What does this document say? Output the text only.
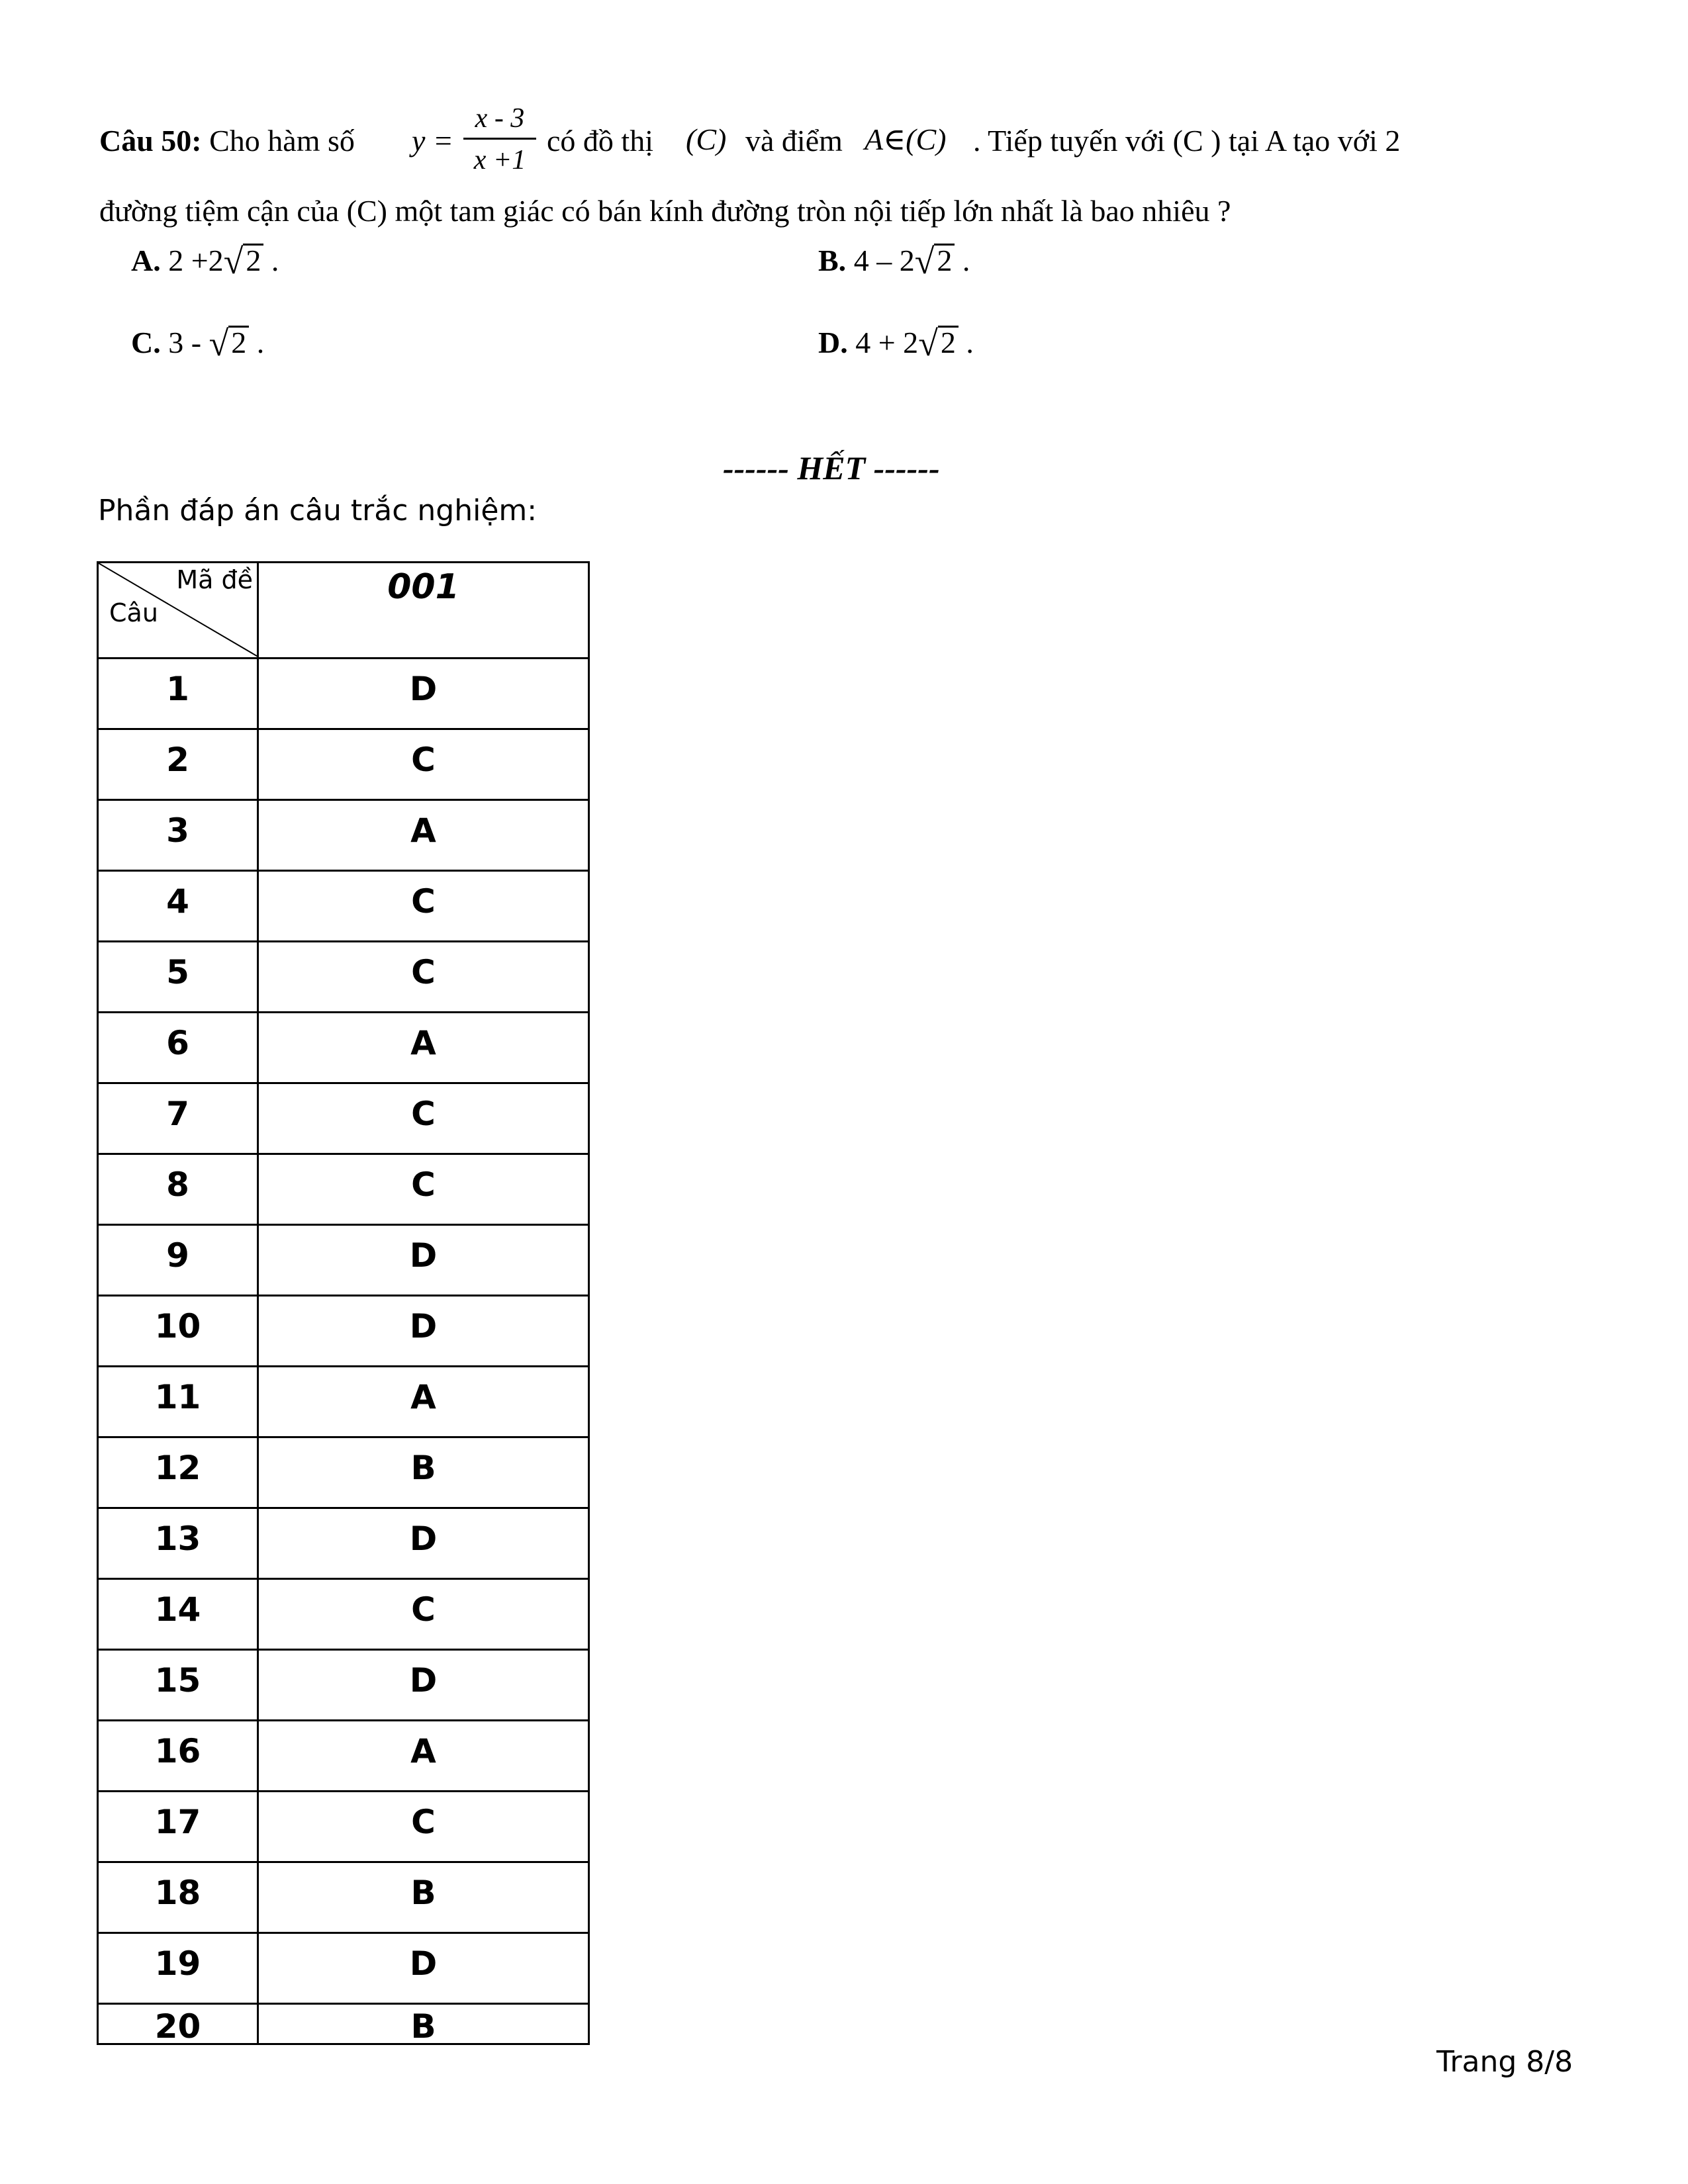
Câu 50: Cho hàm số y =
x - 3
x +1
có đồ thị (C) và điểm A∈(C) . Tiếp tuyến với (C ) tại A tạo với 2
đường tiệm cận của (C) một tam giác có bán kính đường tròn nội tiếp lớn nhất là bao nhiêu ?
A. 2 +2√2 .	B. 4 – 2√2 .
C. 3 - √2 .	D. 4 + 2√2 .
------ HẾT ------
Phần đáp án câu trắc nghiệm:
Mã đề
Câu	001

1	D

2	C

3	A

4	C

5	C

6	A

7	C

8	C

9	D

10	D

11	A

12	B

13	D

14	C

15	D

16	A

17	C

18	B

19	D

20	B
Trang 8/8
